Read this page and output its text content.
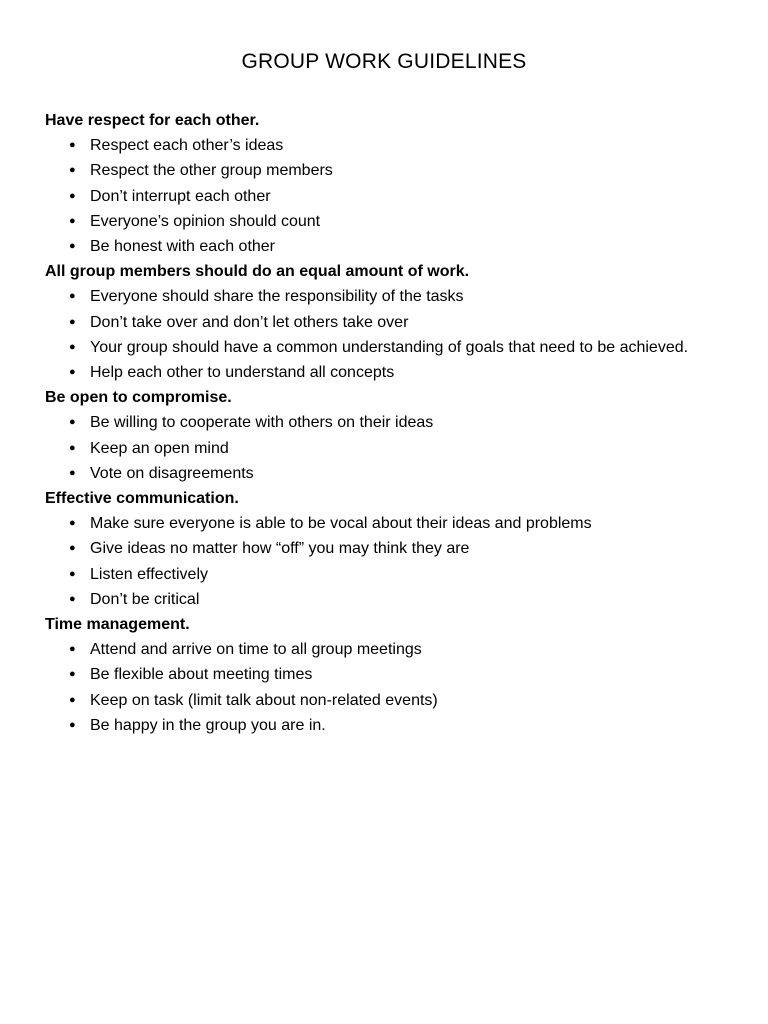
GROUP WORK GUIDELINES

Have respect for each other.

● Respect each other’s ideas
● Respect the other group members
● Don’t interrupt each other
● Everyone’s opinion should count
● Be honest with each other

All group members should do an equal amount of work.

● Everyone should share the responsibility of the tasks
● Don’t take over and don’t let others take over
● Your group should have a common understanding of goals that need to be achieved.
● Help each other to understand all concepts

Be open to compromise.

● Be willing to cooperate with others on their ideas
● Keep an open mind
● Vote on disagreements

Effective communication.

● Make sure everyone is able to be vocal about their ideas and problems
● Give ideas no matter how “off” you may think they are
● Listen effectively
● Don’t be critical

Time management.

● Attend and arrive on time to all group meetings
● Be flexible about meeting times
● Keep on task (limit talk about non-related events)
● Be happy in the group you are in.
